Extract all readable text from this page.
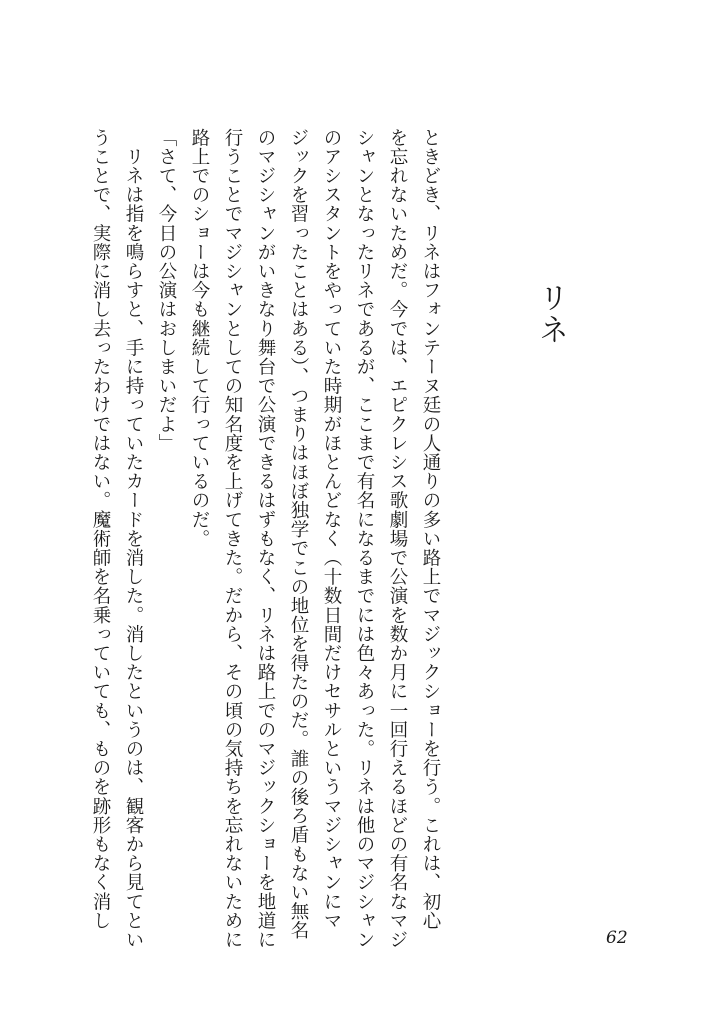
リネ
ときどき、リネはフォンテーヌ廷の人通りの多い路上でマジックショーを行う。これは、初心
を忘れないためだ。今では、エピクレシス歌劇場で公演を数か月に一回行えるほどの有名なマジ
シャンとなったリネであるが、ここまで有名になるまでには色々あった。リネは他のマジシャン
のアシスタントをやっていた時期がほとんどなく（十数日間だけセサルというマジシャンにマ
ジックを習ったことはある）、つまりはほぼ独学でこの地位を得たのだ。誰の後ろ盾もない無名
のマジシャンがいきなり舞台で公演できるはずもなく、リネは路上でのマジックショーを地道に
行うことでマジシャンとしての知名度を上げてきた。だから、その頃の気持ちを忘れないために
路上でのショーは今も継続して行っているのだ。
「さて、今日の公演はおしまいだよ」
　リネは指を鳴らすと、手に持っていたカードを消した。消したというのは、観客から見てとい
うことで、実際に消し去ったわけではない。魔術師を名乗っていても、ものを跡形もなく消し
62
